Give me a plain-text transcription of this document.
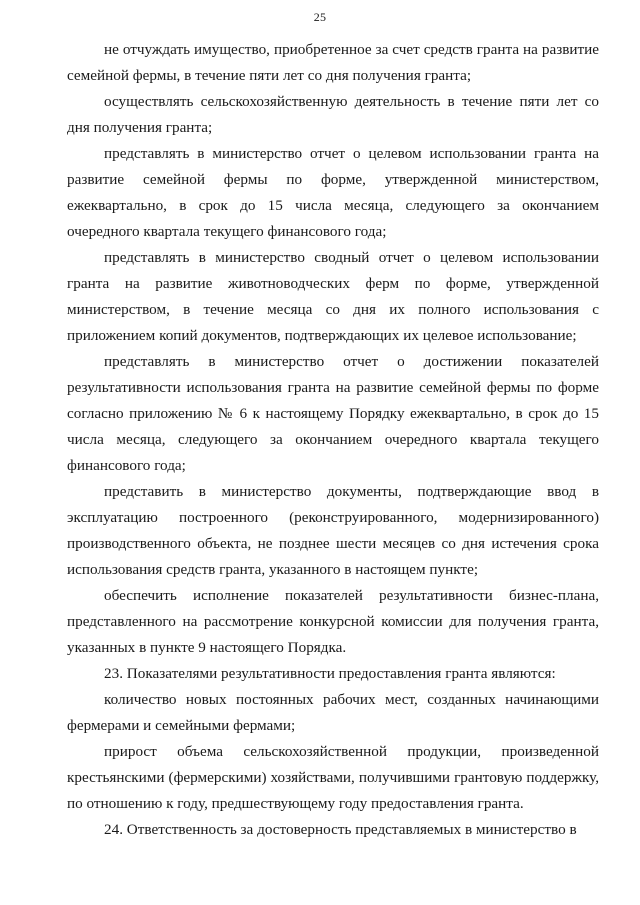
25

не отчуждать имущество, приобретенное за счет средств гранта на развитие семейной фермы, в течение пяти лет со дня получения гранта;

осуществлять сельскохозяйственную деятельность в течение пяти лет со дня получения гранта;

представлять в министерство отчет о целевом использовании гранта на развитие семейной фермы по форме, утвержденной министерством, ежеквартально, в срок до 15 числа месяца, следующего за окончанием очередного квартала текущего финансового года;

представлять в министерство сводный отчет о целевом использовании гранта на развитие животноводческих ферм по форме, утвержденной министерством, в течение месяца со дня их полного использования с приложением копий документов, подтверждающих их целевое использование;

представлять в министерство отчет о достижении показателей результативности использования гранта на развитие семейной фермы по форме согласно приложению № 6 к настоящему Порядку ежеквартально, в срок до 15 числа месяца, следующего за окончанием очередного квартала текущего финансового года;

представить в министерство документы, подтверждающие ввод в эксплуатацию построенного (реконструированного, модернизированного) производственного объекта, не позднее шести месяцев со дня истечения срока использования средств гранта, указанного в настоящем пункте;

обеспечить исполнение показателей результативности бизнес-плана, представленного на рассмотрение конкурсной комиссии для получения гранта, указанных в пункте 9 настоящего Порядка.

23. Показателями результативности предоставления гранта являются:

количество новых постоянных рабочих мест, созданных начинающими фермерами и семейными фермами;

прирост объема сельскохозяйственной продукции, произведенной крестьянскими (фермерскими) хозяйствами, получившими грантовую поддержку, по отношению к году, предшествующему году предоставления гранта.

24. Ответственность за достоверность представляемых в министерство в
